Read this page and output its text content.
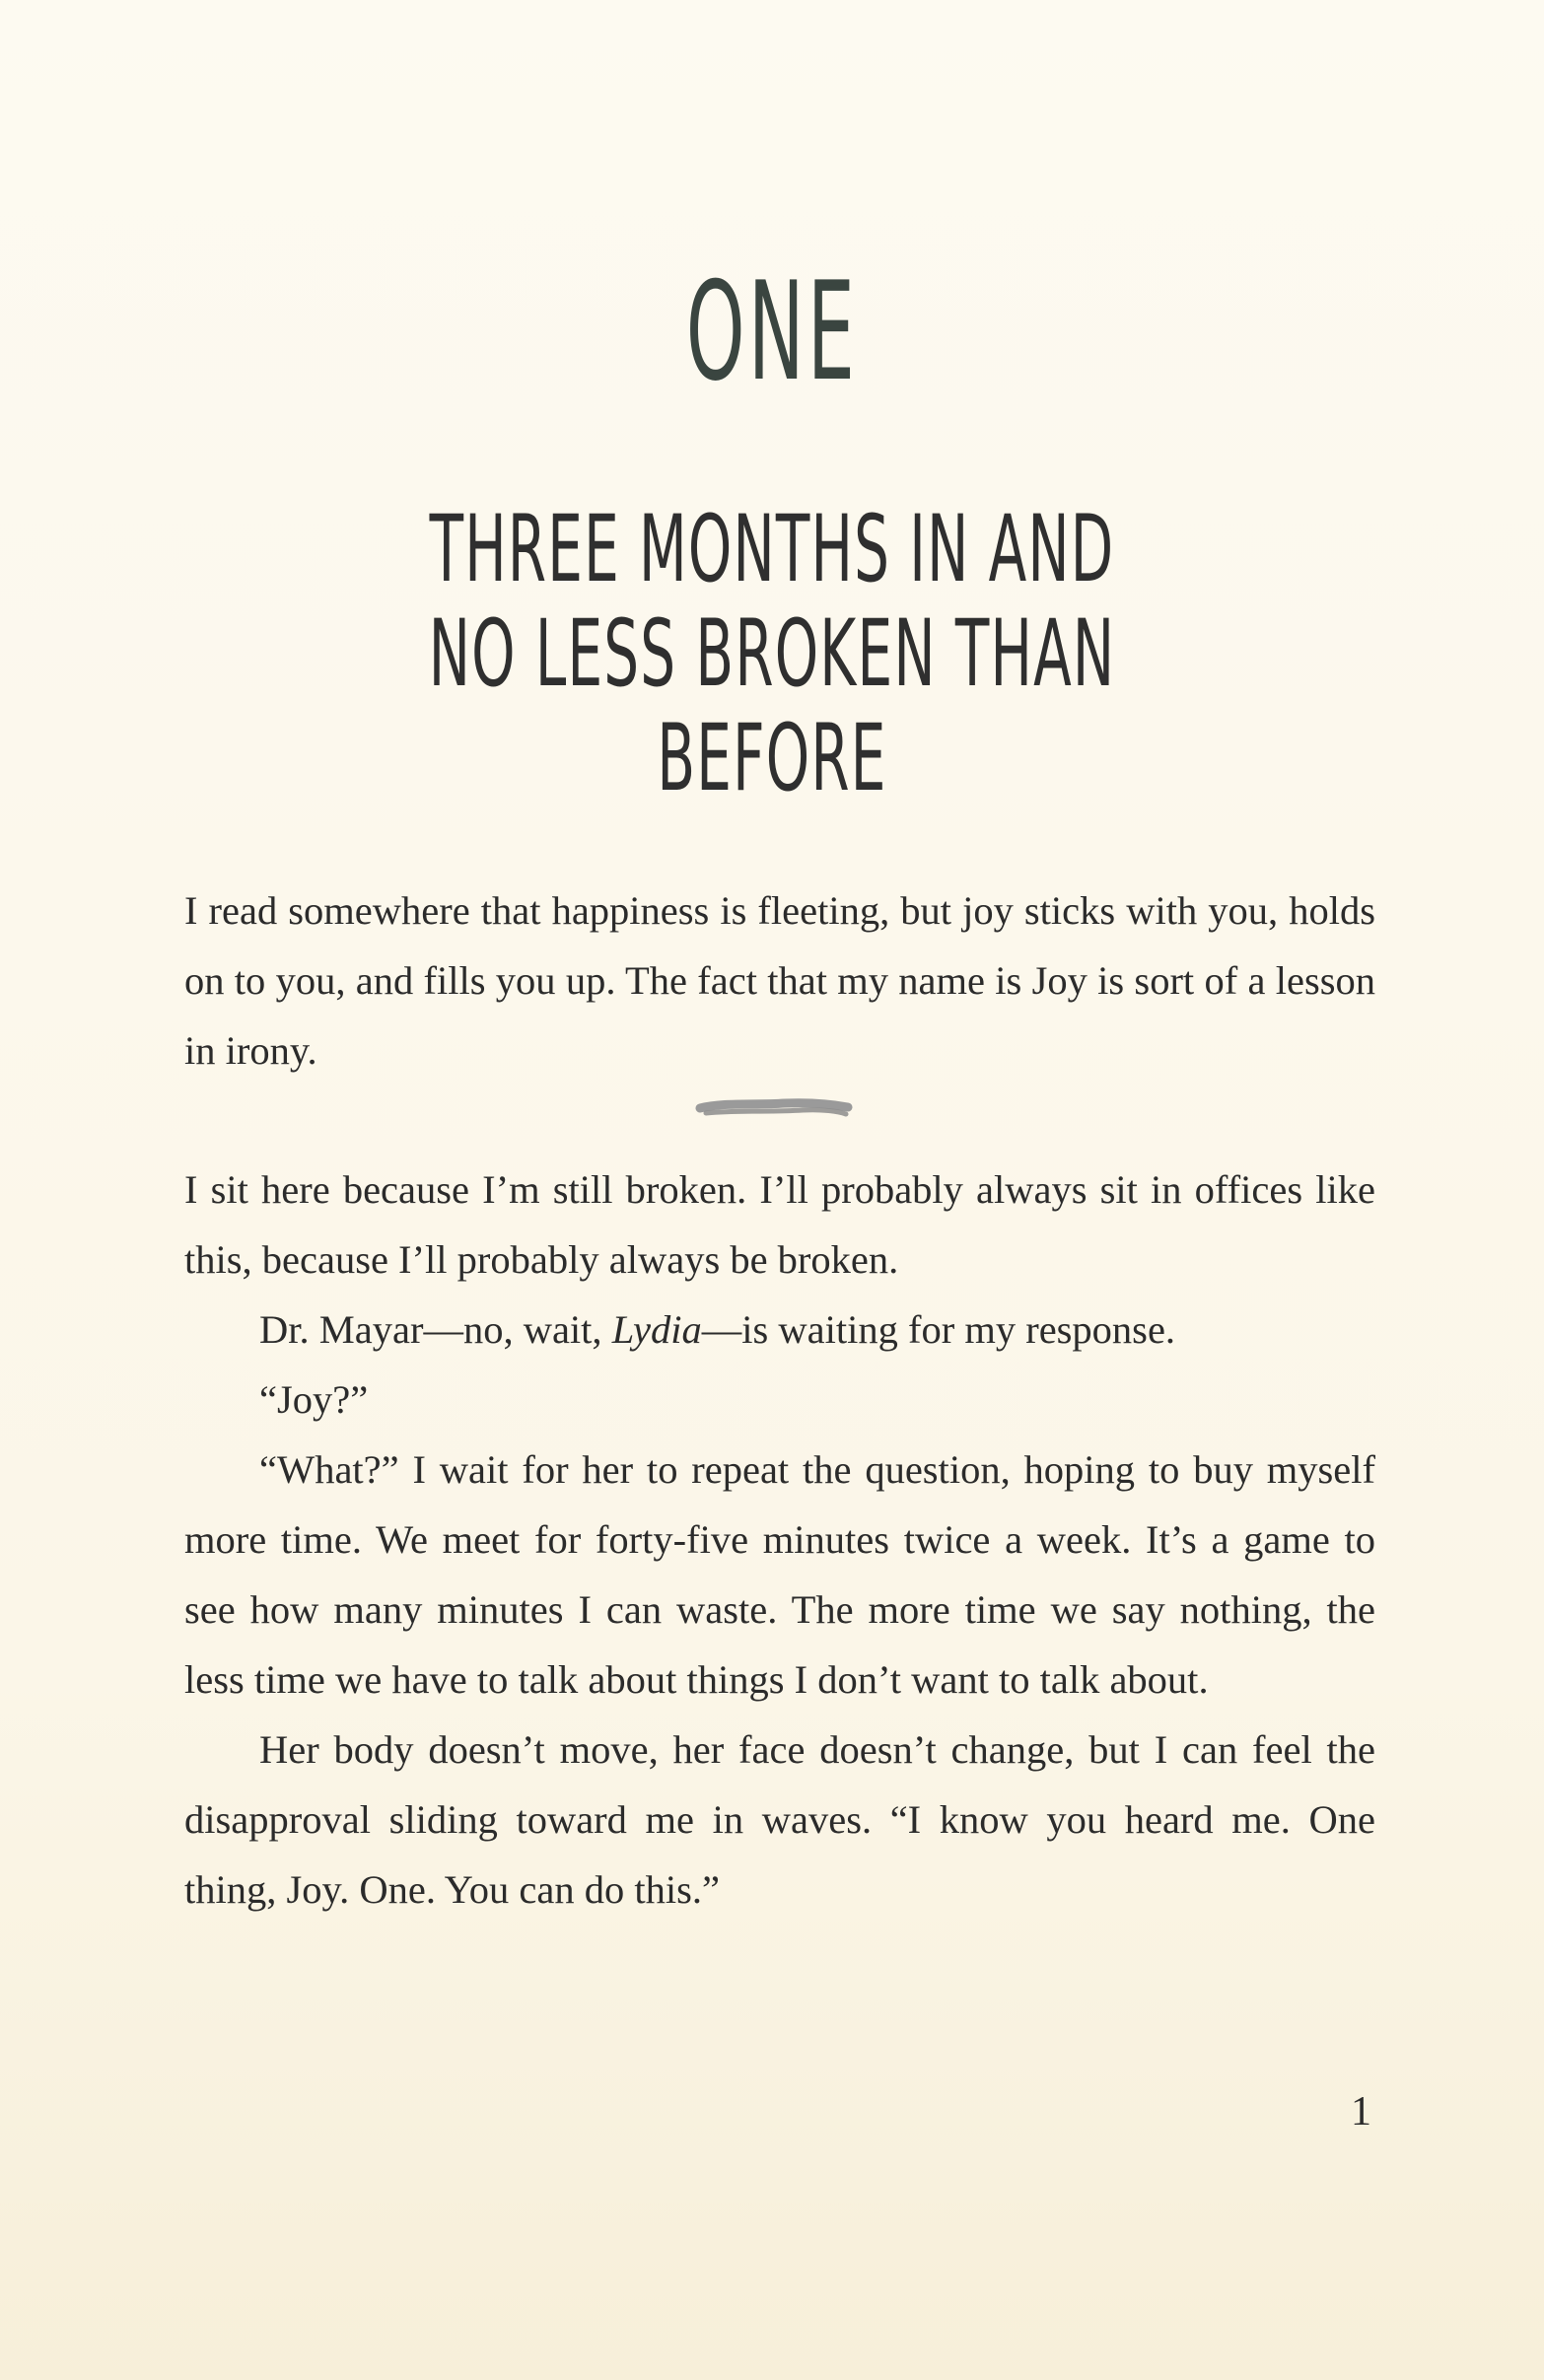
ONE
THREE MONTHS IN AND
NO LESS BROKEN THAN BEFORE

I read somewhere that happiness is fleeting, but joy sticks with you, holds on to you, and fills you up. The fact that my name is Joy is sort of a lesson in irony.

I sit here because I’m still broken. I’ll probably always sit in offices like this, because I’ll probably always be broken.

Dr. Mayar—no, wait, Lydia—is waiting for my response.

“Joy?”

“What?” I wait for her to repeat the question, hoping to buy myself more time. We meet for forty-five minutes twice a week. It’s a game to see how many minutes I can waste. The more time we say nothing, the less time we have to talk about things I don’t want to talk about.

Her body doesn’t move, her face doesn’t change, but I can feel the disapproval sliding toward me in waves. “I know you heard me. One thing, Joy. One. You can do this.”

1
